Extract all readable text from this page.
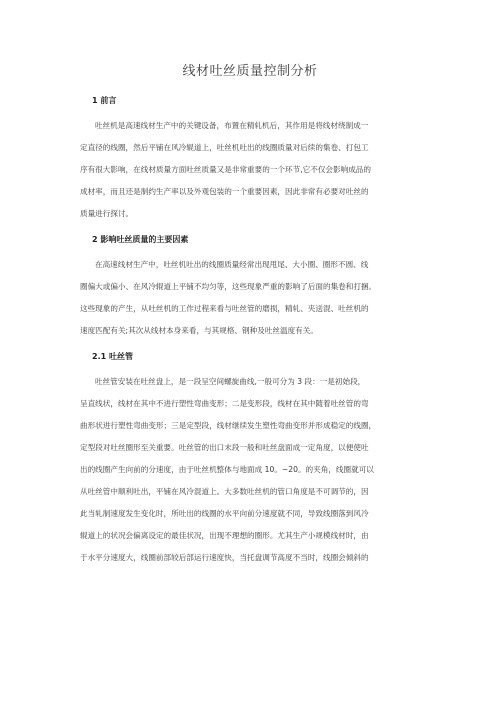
线材吐丝质量控制分析
1 前言
吐丝机是高速线材生产中的关键设备，布置在精轧机后，其作用是将线材绕制成一
定直径的线圈，然后平铺在风冷辊道上，吐丝机吐出的线圈质量对后续的集卷、打包工
序有很大影响，在线材质量方面吐丝质量又是非常重要的一个环节,它不仅会影响成品的
成材率，而且还是制约生产率以及外观包装的一个重要因素，因此非常有必要对吐丝的
质量进行探讨。
2 影响吐丝质量的主要因素
在高速线材生产中，吐丝机吐出的线圈质量经常出现甩尾、大小圈、圈形不圆、线
圈偏大或偏小、在风冷辊道上平铺不均匀等，这些现象严重的影响了后面的集卷和打捆。
这些现象的产生，从吐丝机的工作过程来看与吐丝管的磨损，精轧、夹送混、吐丝机的
速度匹配有关;其次从线材本身来看，与其规格、钢种及吐丝温度有关。
2.1 吐丝管
吐丝管安装在吐丝盘上，是一段呈空间螺旋曲线,一般可分为 3 段：一是初始段，
呈直线状，线材在其中不进行塑性弯曲变形；二是变形段，线材在其中随着吐丝管的弯
曲形状进行塑性弯曲变形；三是定型段，线材继续发生塑性弯曲变形并形成稳定的线圈，
定型段对吐丝圈形至关重要。吐丝管的出口末段一般和吐丝盘面成一定角度，以便使吐
出的线圈产生向前的分速度，由于吐丝机整体与地面成 10。~20。的夹角，线圈就可以
从吐丝管中顺利吐出，平铺在风冷混道上。大多数吐丝机的管口角度是不可调节的，因
此当轧制速度发生变化时，所吐出的线圈的水平向前分速度就不同，导致线圈落到风冷
辊道上的状况会偏离设定的最佳状况，出现不理想的圈形。尤其生产小规模线材时，由
于水平分速度大，线圈前部较后部运行速度快，当托盘调节高度不当时，线圈会倾斜的
